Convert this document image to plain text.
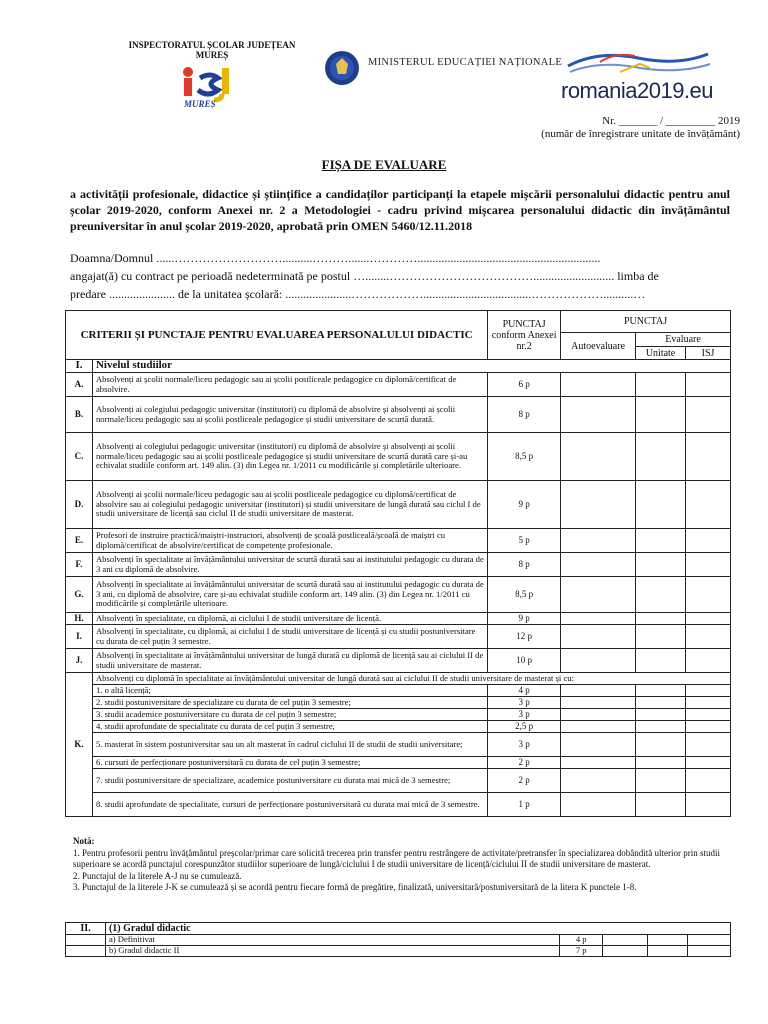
INSPECTORATUL ȘCOLAR JUDEȚEAN
MUREȘ
MUREȘ
MINISTERUL EDUCAȚIEI NAȚIONALE
romania2019.eu
Nr. _______ / _________ 2019
(număr de înregistrare unitate de învățământ)
FIȘA DE EVALUARE
a activității profesionale, didactice și științifice a candidaților participanți la etapele mișcării personalului didactic pentru anul școlar 2019-2020, conform Anexei nr. 2 a Metodologiei - cadru privind mișcarea personalului didactic din învățământul preuniversitar în anul școlar 2019-2020, aprobată prin OMEN 5460/12.11.2018
Doamna/Domnul ......………………………..........……….......………….............................................................
angajat(ă) cu contract pe perioadă nedeterminată pe postul …........………………………………........................... limba de
predare ...................... de la unitatea școlară: ......................………………....................................………………..........…
CRITERII ȘI PUNCTAJE PENTRU EVALUAREA PERSONALULUI DIDACTIC		PUNCTAJ conform Anexei nr.2	PUNCTAJ		
			Autoevaluare	Evaluare	
				Unitate	ISJ
I.	Nivelul studiilor				
A.	Absolvenți ai școlii normale/liceu pedagogic sau ai școlii postliceale pedagogice cu diplomă/certificat de absolvire.	6 p			
B.	Absolvenți ai colegiului pedagogic universitar (institutori) cu diplomă de absolvire și absolvenți ai școlii normale/liceu pedagogic sau ai școlii postliceale pedagogice și studii universitare de scurtă durată.	8 p			
C.	Absolvenți ai colegiului pedagogic universitar (institutori) cu diplomă de absolvire și absolvenți ai școlii normale/liceu pedagogic sau ai școlii postliceale pedagogice și studii universitare de scurtă durată care și-au echivalat studiile conform art. 149 alin. (3) din Legea nr. 1/2011 cu modificările și completările ulterioare.	8,5 p			
D.	Absolvenți ai școlii normale/liceu pedagogic sau ai școlii postliceale pedagogice cu diplomă/certificat de absolvire sau ai colegiului pedagogic universitar (institutori) și studii universitare de lungă durată sau ciclul I de studii universitare de licență sau ciclul II de studii universitare de masterat.	9 p			
E.	Profesori de instruire practică/maiștri-instructori, absolvenți de școală postliceală/școală de maiștri cu diplomă/certificat de absolvire/certificat de competențe profesionale.	5 p			
F.	Absolvenți în specialitate ai învățământului universitar de scurtă durată sau ai institutului pedagogic cu durata de 3 ani cu diplomă de absolvire.	8 p			
G.	Absolvenți în specialitate ai învățământului universitar de scurtă durată sau ai institutului pedagogic cu durata de 3 ani, cu diplomă de absolvire, care și-au echivalat studiile conform art. 149 alin. (3) din Legea nr. 1/2011 cu modificările și completările ulterioare.	8,5 p			
H.	Absolvenți în specialitate, cu diplomă, ai ciclului I de studii universitare de licență.	9 p			
I.	Absolvenți în specialitate, cu diplomă, ai ciclului I de studii universitare de licență și cu studii postuniversitare cu durata de cel puțin 3 semestre.	12 p			
J.	Absolvenți în specialitate ai învățământului universitar de lungă durată cu diplomă de licență sau ai ciclului II de studii universitare de masterat.	10 p			
K.	Absolvenți cu diplomă în specialitate ai învățământului universitar de lungă durată sau ai ciclului II de studii universitare de masterat și cu:				
	1. o altă licență;	4 p			
	2. studii postuniversitare de specializare cu durata de cel puțin 3 semestre;	3 p			
	3. studii academice postuniversitare cu durata de cel puțin 3 semestre;	3 p			
	4. studii aprofundate de specialitate cu durata de cel puțin 3 semestre,	2,5 p			
	5. masterat în sistem postuniversitar sau un alt masterat în cadrul ciclului II de studii de studii universitare;	3 p			
	6. cursuri de perfecționare postuniversitară cu durata de cel puțin 3 semestre;	2 p			
	7. studii postuniversitare de specializare, academice postuniversitare cu durata mai mică de 3 semestre;	2 p			
	8. studii aprofundate de specialitate, cursuri de perfecționare postuniversitară cu durata mai mică de 3 semestre.	1 p			

Notă:

1. Pentru profesorii pentru învățământul preșcolar/primar care solicită trecerea prin transfer pentru restrângere de activitate/pretransfer în specializarea dobândită ulterior prin studii superioare se acordă punctajul corespunzător studiilor superioare de lungă/ciclului I de studii universitare de licență/ciclului II de studii universitare de masterat.

2. Punctajul de la literele A-J nu se cumulează.

3. Punctajul de la literele J-K se cumulează și se acordă pentru fiecare formă de pregătire, finalizată, universitară/postuniversitară de la litera K punctele 1-8.

II.	(1) Gradul didactic				
	a) Definitivat	4 p			
	b) Gradul didactic II	7 p			
